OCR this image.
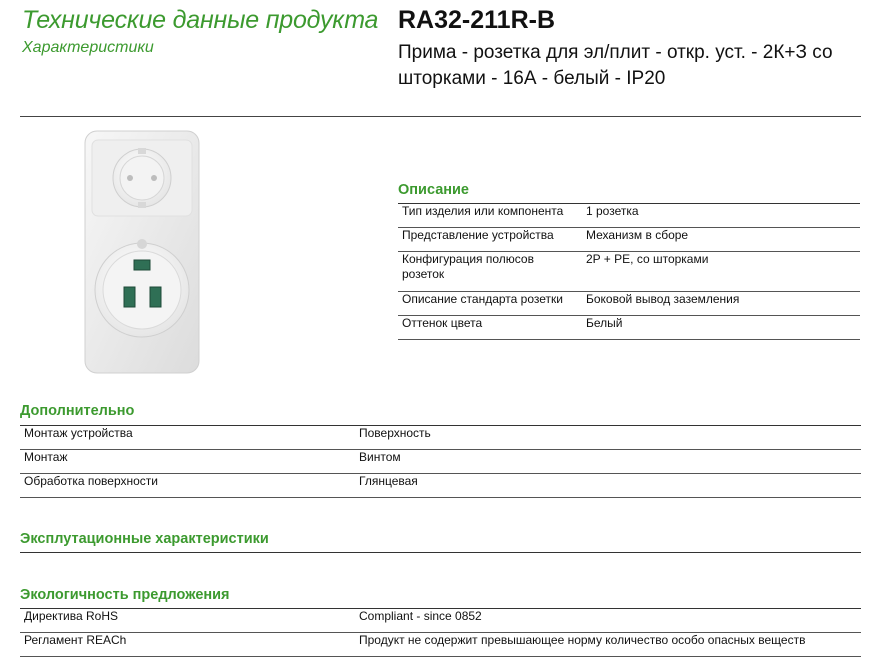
Технические данные продукта
Характеристики
RA32-211R-B
Прима - розетка для эл/плит - откр. уст. - 2К+З со шторками - 16А - белый - IP20
Описание
Тип изделия или компонента	1 розетка
Представление устройства	Механизм в сборе
Конфигурация полюсов розеток	2P + PE, со шторками
Описание стандарта розетки	Боковой вывод заземления
Оттенок цвета	Белый
Дополнительно
Монтаж устройства	Поверхность
Монтаж	Винтом
Обработка поверхности	Глянцевая
Эксплутационные характеристики
Экологичность предложения
Директива RoHS	Compliant - since 0852
Регламент REACh	Продукт не содержит превышающее норму количество особо опасных веществ
